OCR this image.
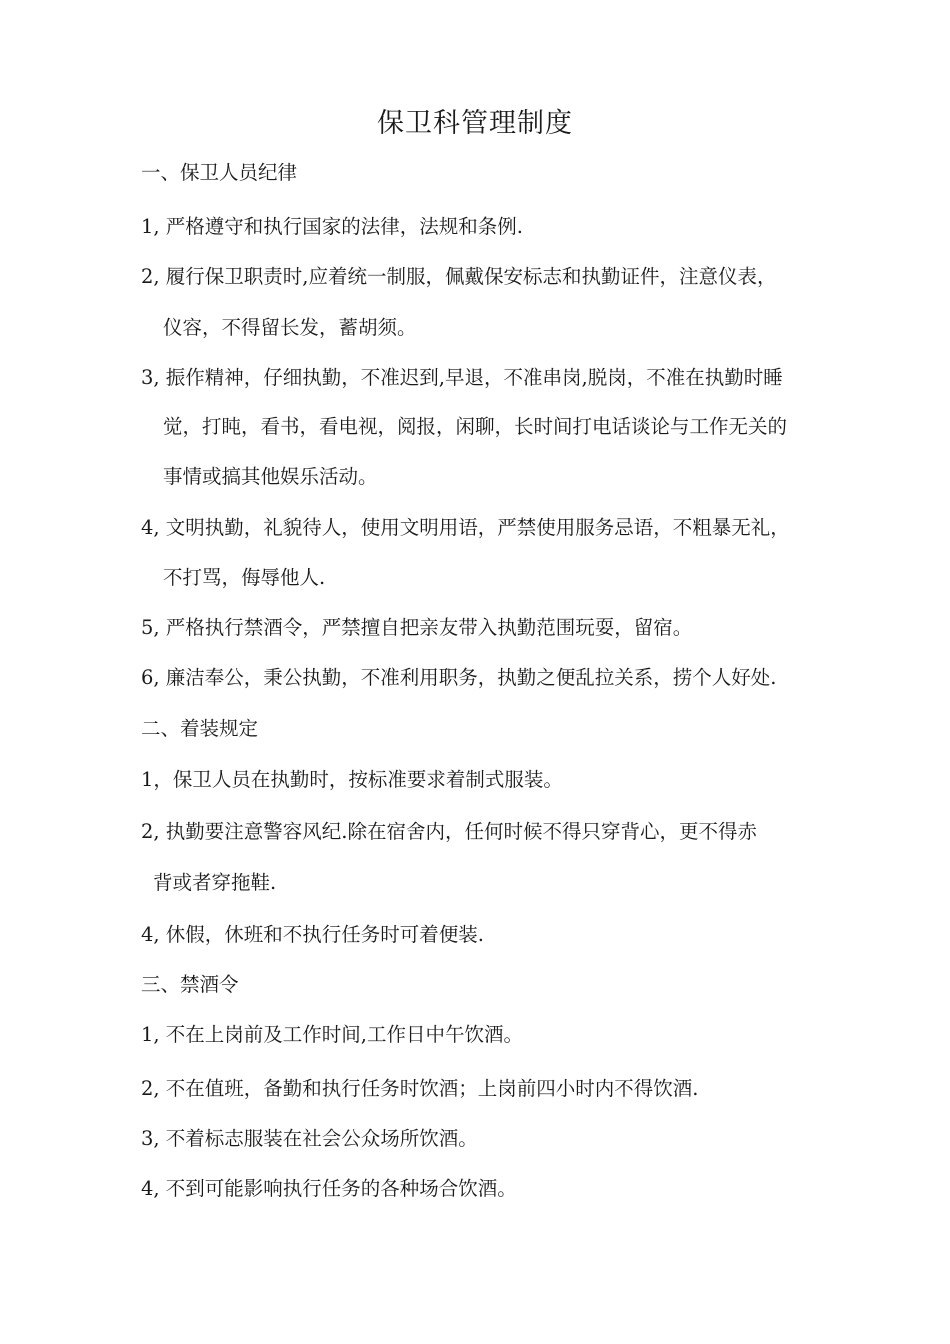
保卫科管理制度
一、保卫人员纪律
1, 严格遵守和执行国家的法律，法规和条例.
2, 履行保卫职责时,应着统一制服，佩戴保安标志和执勤证件，注意仪表，
仪容，不得留长发，蓄胡须。
3, 振作精神，仔细执勤，不准迟到,早退，不准串岗,脱岗，不准在执勤时睡
觉，打盹，看书，看电视，阅报，闲聊，长时间打电话谈论与工作无关的
事情或搞其他娱乐活动。
4, 文明执勤，礼貌待人，使用文明用语，严禁使用服务忌语，不粗暴无礼，
不打骂，侮辱他人.
5, 严格执行禁酒令，严禁擅自把亲友带入执勤范围玩耍，留宿。
6, 廉洁奉公，秉公执勤，不准利用职务，执勤之便乱拉关系，捞个人好处.
二、着装规定
1，保卫人员在执勤时，按标准要求着制式服装。
2, 执勤要注意警容风纪.除在宿舍内，任何时候不得只穿背心，更不得赤
背或者穿拖鞋.
4, 休假，休班和不执行任务时可着便装.
三、禁酒令
1, 不在上岗前及工作时间,工作日中午饮酒。
2, 不在值班，备勤和执行任务时饮酒；上岗前四小时内不得饮酒.
3, 不着标志服装在社会公众场所饮酒。
4, 不到可能影响执行任务的各种场合饮酒。
